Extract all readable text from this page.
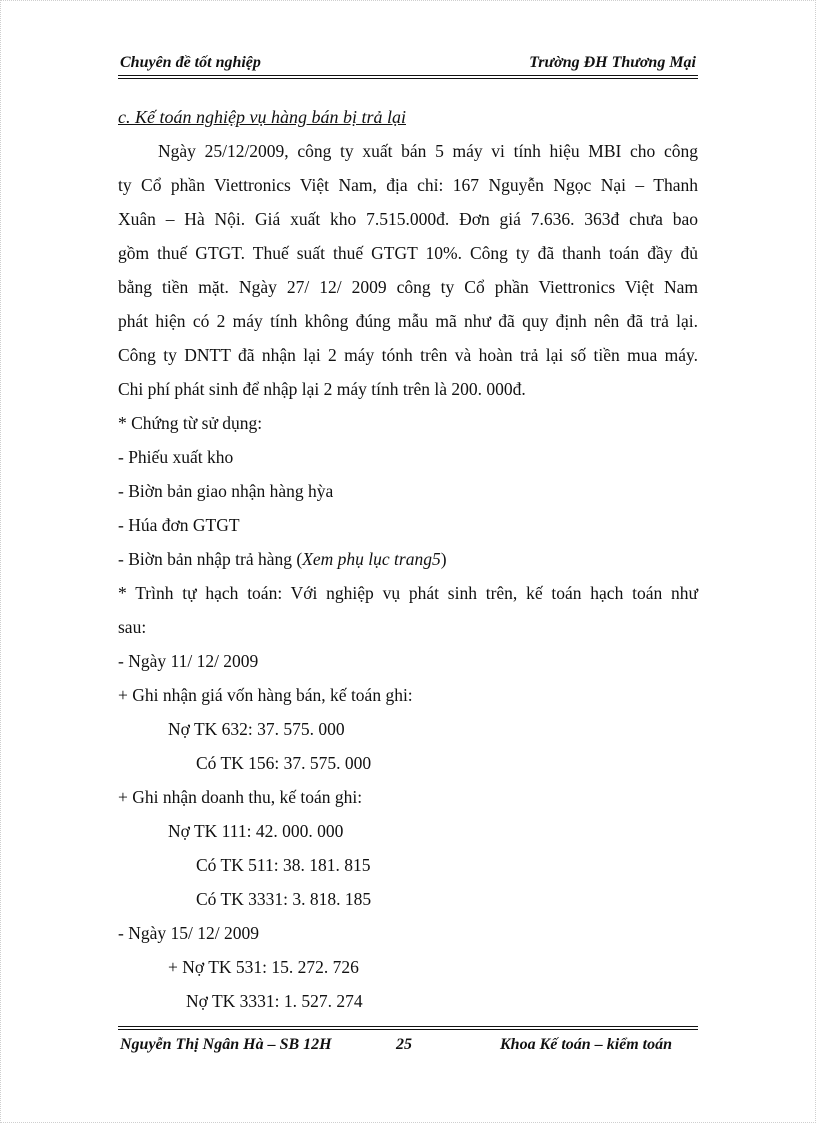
Chuyên đề tốt nghiệp	Trường ĐH Thương Mại
c. Kế toán nghiệp vụ hàng bán bị trả lại
Ngày 25/12/2009, công ty xuất bán 5 máy vi tính hiệu MBI cho công
ty Cổ phần Viettronics Việt Nam, địa chỉ: 167 Nguyễn Ngọc Nại – Thanh
Xuân – Hà Nội. Giá xuất kho 7.515.000đ. Đơn giá 7.636. 363đ chưa bao
gồm thuế GTGT. Thuế suất thuế GTGT 10%. Công ty đã thanh toán đầy đủ
bằng tiền mặt. Ngày 27/ 12/ 2009 công ty Cổ phần Viettronics Việt Nam
phát hiện có 2 máy tính không đúng mẫu mã như đã quy định nên đã trả lại.
Công ty DNTT đã nhận lại 2 máy tónh trên và hoàn trả lại số tiền mua máy.
Chi phí phát sinh để nhập lại 2 máy tính trên là 200. 000đ.
* Chứng từ sử dụng:
- Phiếu xuất kho
- Biờn bản giao nhận hàng hỳa
- Húa đơn GTGT
- Biờn bản nhập trả hàng (Xem phụ lục trang5)
* Trình tự hạch toán: Với nghiệp vụ phát sinh trên, kế toán hạch toán như
sau:
- Ngày 11/ 12/ 2009
+ Ghi nhận giá vốn hàng bán, kế toán ghi:
Nợ TK 632: 37. 575. 000
Có TK 156: 37. 575. 000
+ Ghi nhận doanh thu, kế toán ghi:
Nợ TK 111: 42. 000. 000
Có TK 511: 38. 181. 815
Có TK 3331: 3. 818. 185
- Ngày 15/ 12/ 2009
+ Nợ TK 531: 15. 272. 726
Nợ TK 3331: 1. 527. 274
Nguyễn Thị Ngân Hà – SB 12H	25	Khoa Kế toán – kiểm toán
